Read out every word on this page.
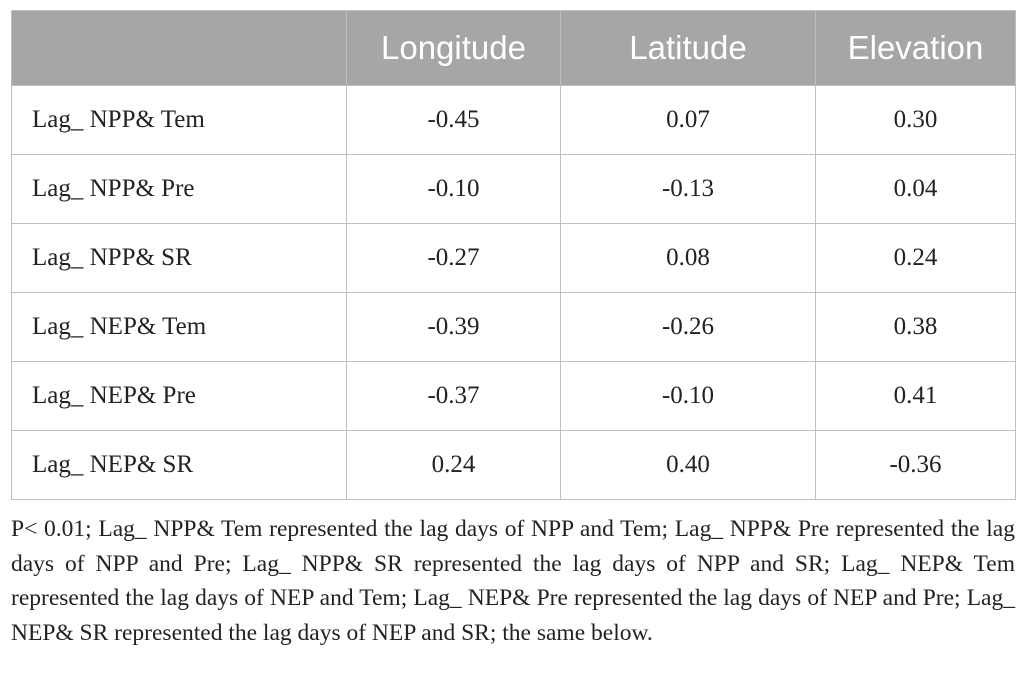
	Longitude	Latitude	Elevation
Lag_ NPP& Tem	-0.45	0.07	0.30
Lag_ NPP& Pre	-0.10	-0.13	0.04
Lag_ NPP& SR	-0.27	0.08	0.24
Lag_ NEP& Tem	-0.39	-0.26	0.38
Lag_ NEP& Pre	-0.37	-0.10	0.41
Lag_ NEP& SR	0.24	0.40	-0.36

P< 0.01; Lag_ NPP& Tem represented the lag days of NPP and Tem; Lag_ NPP& Pre represented the lag days of NPP and Pre; Lag_ NPP& SR represented the lag days of NPP and SR; Lag_ NEP& Tem represented the lag days of NEP and Tem; Lag_ NEP& Pre represented the lag days of NEP and Pre; Lag_ NEP& SR represented the lag days of NEP and SR; the same below.
